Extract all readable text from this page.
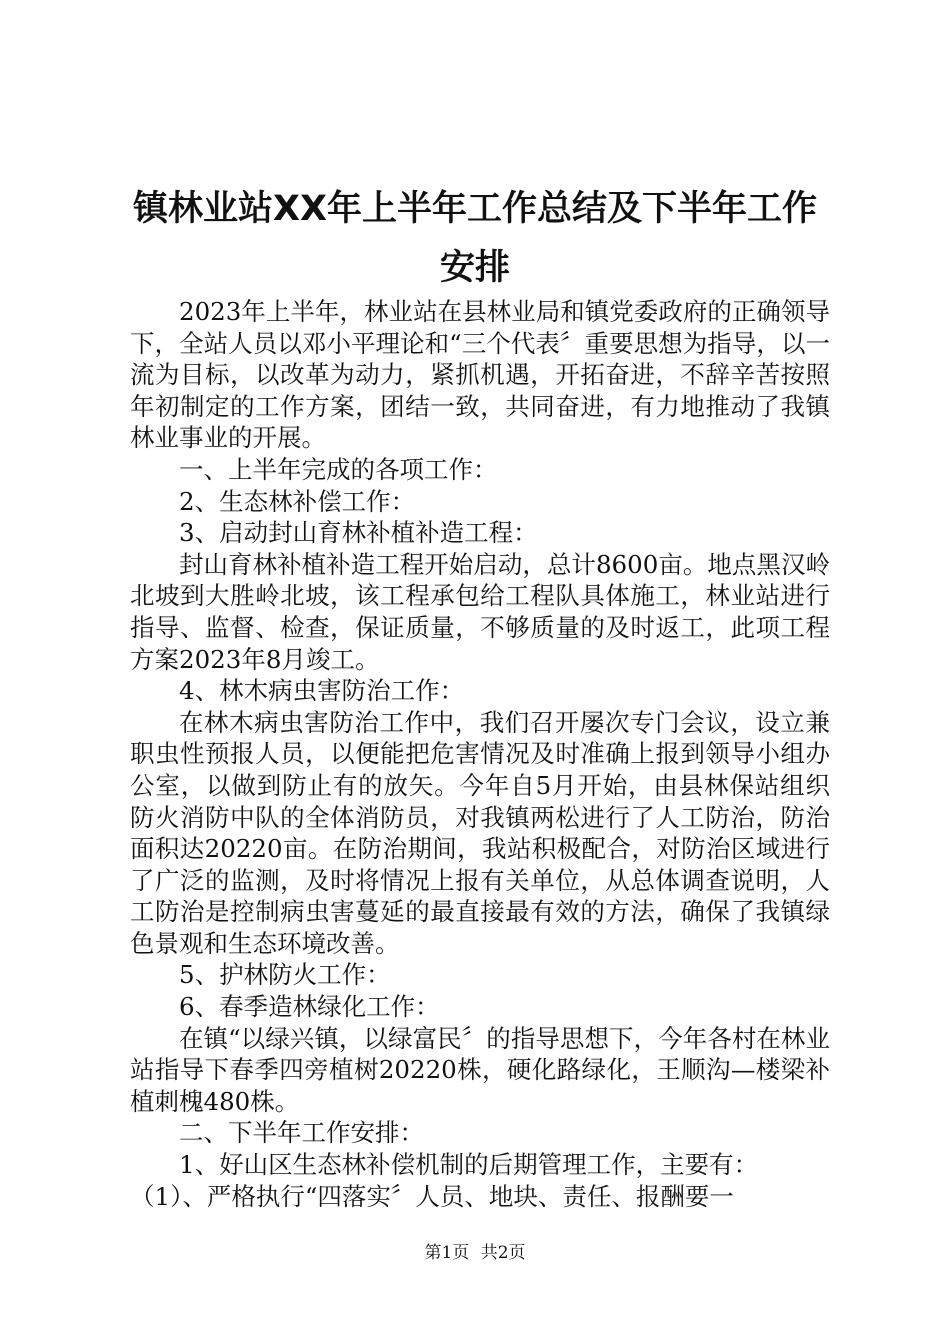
镇林业站XX年上半年工作总结及下半年工作
安排

2023年上半年，林业站在县林业局和镇党委政府的正确领导下，全站人员以邓小平理论和“三个代表〞重要思想为指导，以一流为目标，以改革为动力，紧抓机遇，开拓奋进，不辞辛苦按照年初制定的工作方案，团结一致，共同奋进，有力地推动了我镇林业事业的开展。

一、上半年完成的各项工作：

2、生态林补偿工作：

3、启动封山育林补植补造工程：

封山育林补植补造工程开始启动，总计8600亩。地点黑汉岭北坡到大胜岭北坡，该工程承包给工程队具体施工，林业站进行指导、监督、检查，保证质量，不够质量的及时返工，此项工程方案2023年8月竣工。

4、林木病虫害防治工作：

在林木病虫害防治工作中，我们召开屡次专门会议，设立兼职虫性预报人员，以便能把危害情况及时准确上报到领导小组办公室，以做到防止有的放矢。今年自5月开始，由县林保站组织防火消防中队的全体消防员，对我镇两松进行了人工防治，防治面积达20220亩。在防治期间，我站积极配合，对防治区域进行了广泛的监测，及时将情况上报有关单位，从总体调查说明，人工防治是控制病虫害蔓延的最直接最有效的方法，确保了我镇绿色景观和生态环境改善。

5、护林防火工作：

6、春季造林绿化工作：

在镇“以绿兴镇，以绿富民〞的指导思想下，今年各村在林业站指导下春季四旁植树20220株，硬化路绿化，王顺沟—楼梁补植刺槐480株。

二、下半年工作安排：

1、好山区生态林补偿机制的后期管理工作，主要有：

（1）、严格执行“四落实〞人员、地块、责任、报酬要一

第1页 共2页
